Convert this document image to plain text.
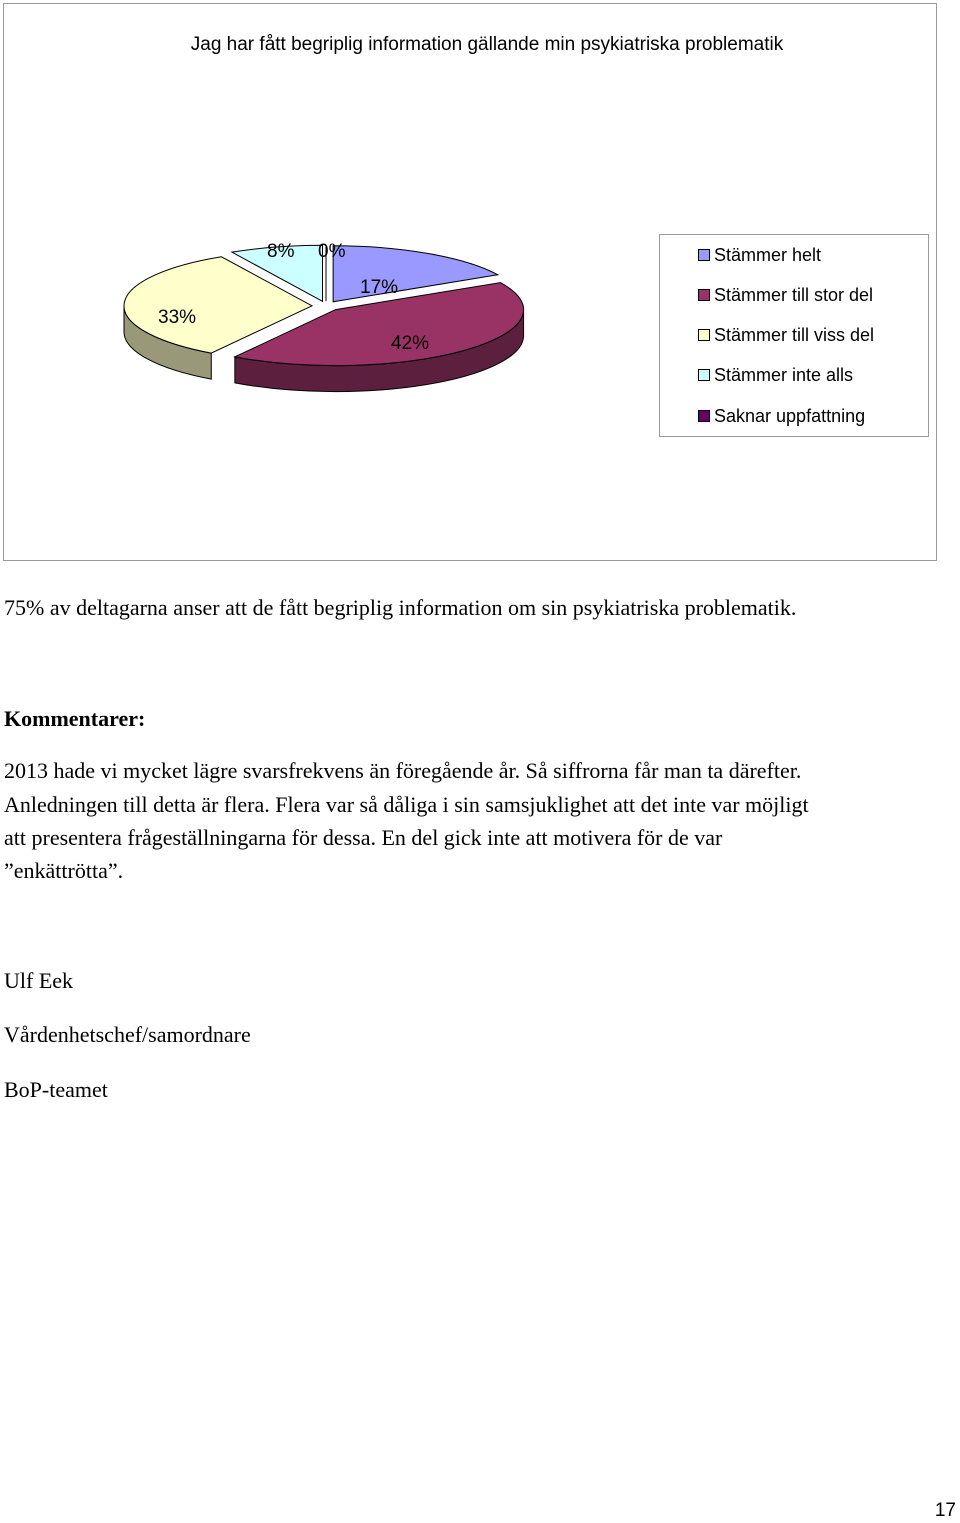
Jag har fått begriplig information gällande min psykiatriska problematik
17%
42%
33%
8% 0%	Stämmer helt
Stämmer till stor del
Stämmer till viss del
Stämmer inte alls
Saknar uppfattning
75% av deltagarna anser att de fått begriplig information om sin psykiatriska problematik.
Kommentarer:
2013 hade vi mycket lägre svarsfrekvens än föregående år. Så siffrorna får man ta därefter.
Anledningen till detta är flera. Flera var så dåliga i sin samsjuklighet att det inte var möjligt
att presentera frågeställningarna för dessa. En del gick inte att motivera för de var
”enkättrötta”.
Ulf Eek
Vårdenhetschef/samordnare
BoP-teamet
17
